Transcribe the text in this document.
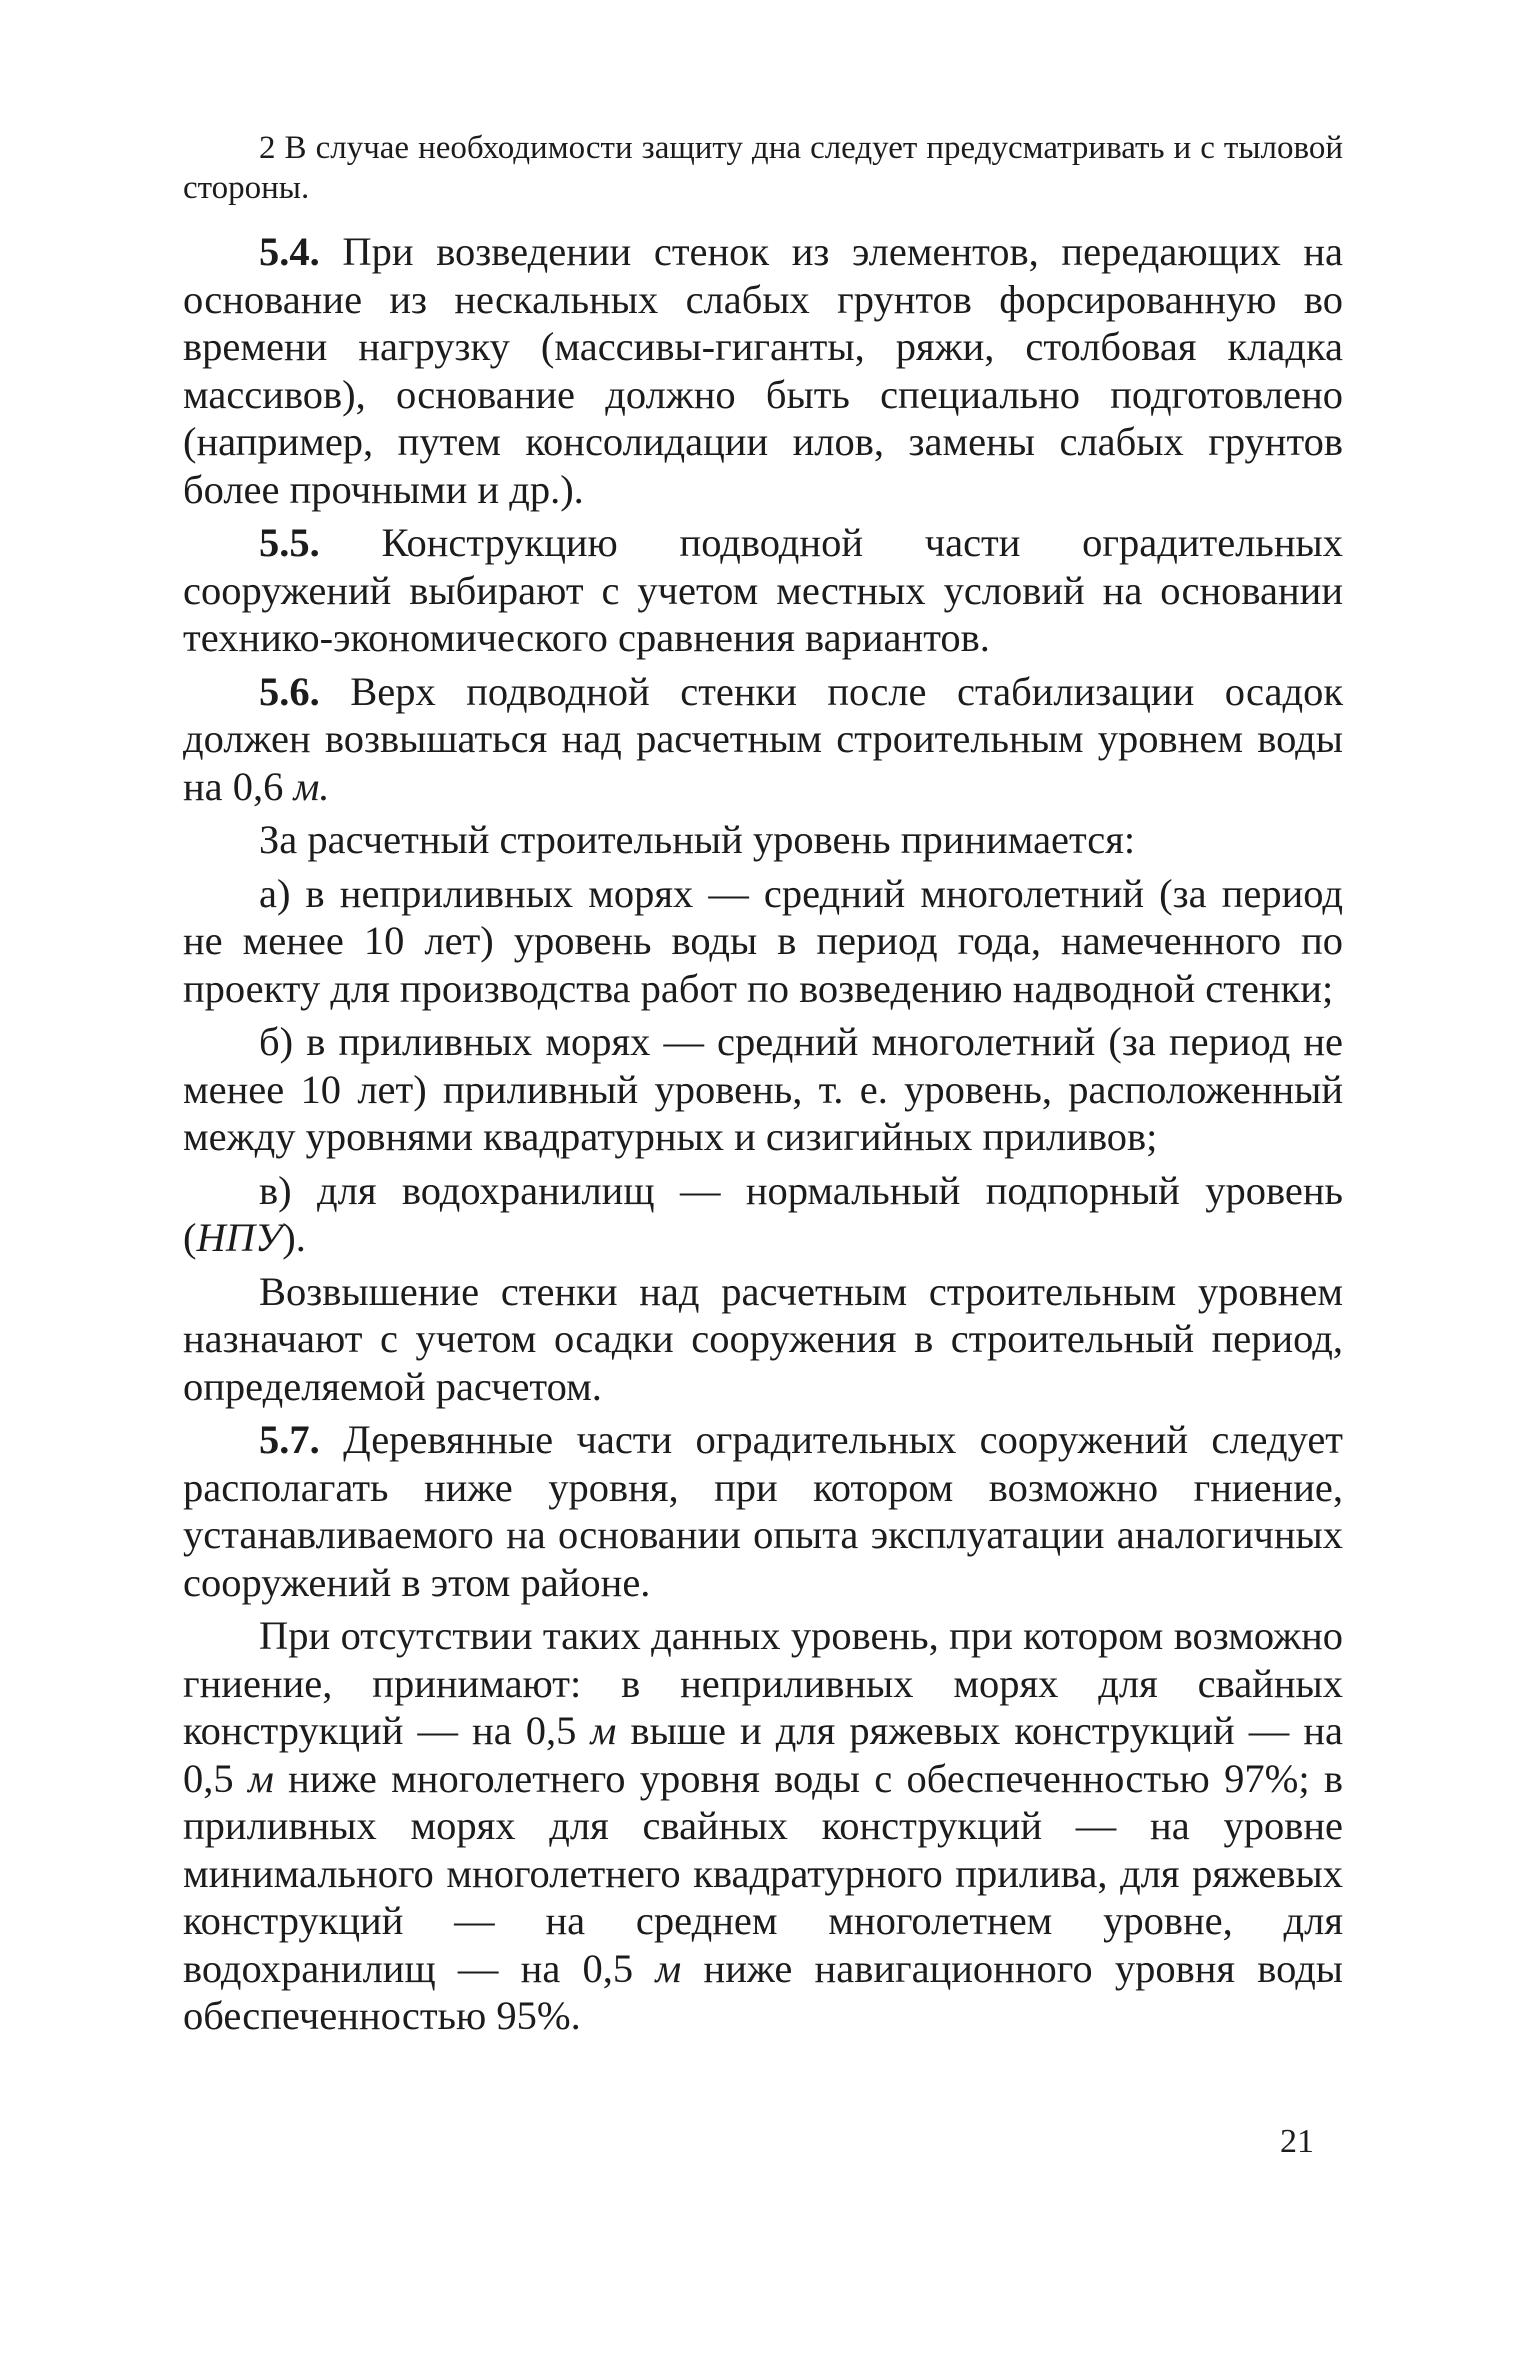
2 В случае необходимости защиту дна следует предусматривать и с тыловой стороны.

5.4. При возведении стенок из элементов, передающих на основание из нескальных слабых грунтов форсированную во времени нагрузку (массивы-гиганты, ряжи, столбовая кладка массивов), основание должно быть специально подготовлено (например, путем консолидации илов, замены слабых грунтов более прочными и др.).

5.5. Конструкцию подводной части оградительных сооружений выбирают с учетом местных условий на основании технико-экономического сравнения вариантов.

5.6. Верх подводной стенки после стабилизации осадок должен возвышаться над расчетным строительным уровнем воды на 0,6 м.

За расчетный строительный уровень принимается:

а) в неприливных морях — средний многолетний (за период не менее 10 лет) уровень воды в период года, намеченного по проекту для производства работ по возведению надводной стенки;

б) в приливных морях — средний многолетний (за период не менее 10 лет) приливный уровень, т. е. уровень, расположенный между уровнями квадратурных и сизигийных приливов;

в) для водохранилищ — нормальный подпорный уровень (НПУ).

Возвышение стенки над расчетным строительным уровнем назначают с учетом осадки сооружения в строительный период, определяемой расчетом.

5.7. Деревянные части оградительных сооружений следует располагать ниже уровня, при котором возможно гниение, устанавливаемого на основании опыта эксплуатации аналогичных сооружений в этом районе.

При отсутствии таких данных уровень, при котором возможно гниение, принимают: в неприливных морях для свайных конструкций — на 0,5 м выше и для ряжевых конструкций — на 0,5 м ниже многолетнего уровня воды с обеспеченностью 97%; в приливных морях для свайных конструкций — на уровне минимального многолетнего квадратурного прилива, для ряжевых конструкций — на среднем многолетнем уровне, для водохранилищ — на 0,5 м ниже навигационного уровня воды обеспеченностью 95%.

21
